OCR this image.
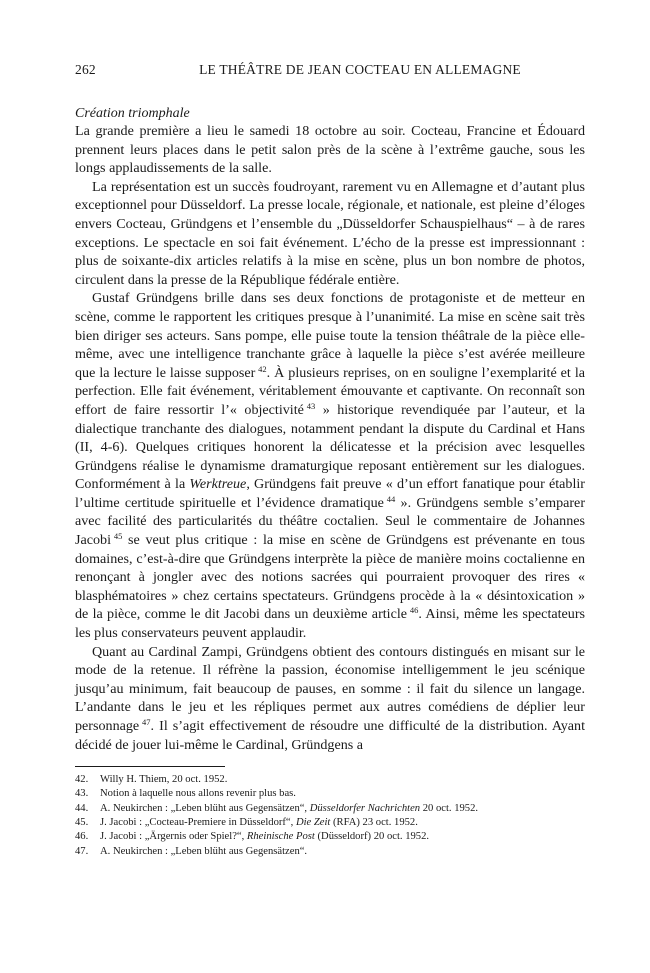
262	LE THÉÂTRE DE JEAN COCTEAU EN ALLEMAGNE
Création triomphale

La grande première a lieu le samedi 18 octobre au soir. Cocteau, Francine et Édouard prennent leurs places dans le petit salon près de la scène à l’extrême gauche, sous les longs applaudissements de la salle.

La représentation est un succès foudroyant, rarement vu en Allemagne et d’autant plus exceptionnel pour Düsseldorf. La presse locale, régionale, et nationale, est pleine d’éloges envers Cocteau, Gründgens et l’ensemble du „Düsseldorfer Schauspielhaus“ – à de rares exceptions. Le spectacle en soi fait événement. L’écho de la presse est impressionnant : plus de soixante-dix articles relatifs à la mise en scène, plus un bon nombre de photos, circulent dans la presse de la République fédérale entière.

Gustaf Gründgens brille dans ses deux fonctions de protagoniste et de metteur en scène, comme le rapportent les critiques presque à l’unanimité. La mise en scène sait très bien diriger ses acteurs. Sans pompe, elle puise toute la tension théâtrale de la pièce elle-même, avec une intelligence tranchante grâce à laquelle la pièce s’est avérée meilleure que la lecture le laisse supposer  $^{42}$. À plusieurs reprises, on en souligne l’exemplarité et la perfection. Elle fait événement, véritablement émouvante et captivante. On reconnaît son effort de faire ressortir l’« objectivité  $^{43}$ » historique revendiquée par l’auteur, et la dialectique tranchante des dialogues, notamment pendant la dispute du Cardinal et Hans (II, 4-6). Quelques critiques honorent la délicatesse et la précision avec lesquelles Gründgens réalise le dynamisme dramaturgique reposant entièrement sur les dialogues. Conformément à la Werktreue, Gründgens fait preuve « d’un effort fanatique pour établir l’ultime certitude spirituelle et l’évidence dramatique  $^{44}$ ». Gründgens semble s’emparer avec facilité des particularités du théâtre coctalien. Seul le commentaire de Johannes Jacobi  $^{45}$ se veut plus critique : la mise en scène de Gründgens est prévenante en tous domaines, c’est-à-dire que Gründgens interprète la pièce de manière moins coctalienne en renonçant à jongler avec des notions sacrées qui pourraient provoquer des rires « blasphématoires » chez certains spectateurs. Gründgens procède à la « désintoxication » de la pièce, comme le dit Jacobi dans un deuxième article  $^{46}$. Ainsi, même les spectateurs les plus conservateurs peuvent applaudir.

Quant au Cardinal Zampi, Gründgens obtient des contours distingués en misant sur le mode de la retenue. Il réfrène la passion, économise intelligemment le jeu scénique jusqu’au minimum, fait beaucoup de pauses, en somme : il fait du silence un langage. L’andante dans le jeu et les répliques permet aux autres comédiens de déplier leur personnage  $^{47}$. Il s’agit effectivement de résoudre une difficulté de la distribution. Ayant décidé de jouer lui-même le Cardinal, Gründgens a

42.	Willy H. Thiem, 20 oct. 1952.
43.	Notion à laquelle nous allons revenir plus bas.
44.	A. Neukirchen : „Leben blüht aus Gegensätzen“, Düsseldorfer Nachrichten 20 oct. 1952.
45.	J. Jacobi : „Cocteau-Premiere in Düsseldorf“, Die Zeit (RFA) 23 oct. 1952.
46.	J. Jacobi : „Ärgernis oder Spiel?“, Rheinische Post (Düsseldorf) 20 oct. 1952.
47.	A. Neukirchen : „Leben blüht aus Gegensätzen“.
